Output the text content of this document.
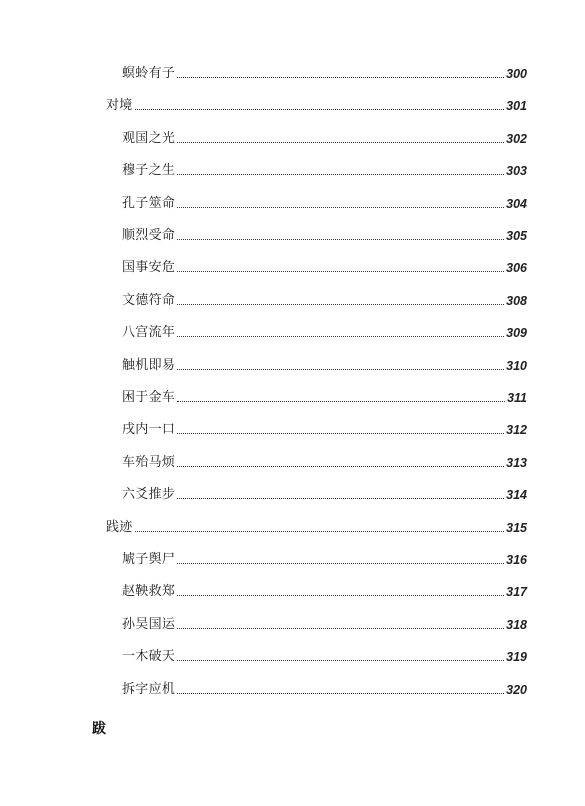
螟蛉有子	300
对境	301
观国之光	302
穆子之生	303
孔子筮命	304
顺烈受命	305
国事安危	306
文德符命	308
八宫流年	309
触机即易	310
困于金车	311
戌内一口	312
车殆马烦	313
六爻推步	314
践迹	315
虓子舆尸	316
赵鞅救郑	317
孙吴国运	318
一木破天	319
拆字应机	320
跋
